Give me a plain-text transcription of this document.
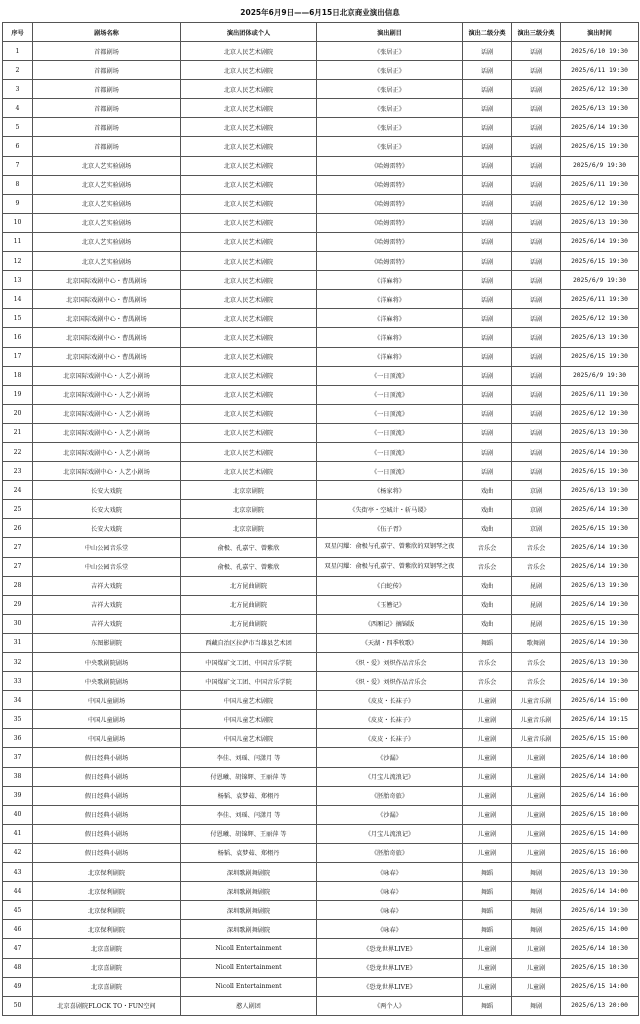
2025年6月9日——6月15日北京商业演出信息
序号	剧场名称	演出团体或个人	演出剧目	演出二级分类	演出三级分类	演出时间
1	首都剧场	北京人民艺术剧院	《张居正》	话剧	话剧	2025/6/10 19:30
2	首都剧场	北京人民艺术剧院	《张居正》	话剧	话剧	2025/6/11 19:30
3	首都剧场	北京人民艺术剧院	《张居正》	话剧	话剧	2025/6/12 19:30
4	首都剧场	北京人民艺术剧院	《张居正》	话剧	话剧	2025/6/13 19:30
5	首都剧场	北京人民艺术剧院	《张居正》	话剧	话剧	2025/6/14 19:30
6	首都剧场	北京人民艺术剧院	《张居正》	话剧	话剧	2025/6/15 19:30
7	北京人艺实验剧场	北京人民艺术剧院	《哈姆雷特》	话剧	话剧	2025/6/9 19:30
8	北京人艺实验剧场	北京人民艺术剧院	《哈姆雷特》	话剧	话剧	2025/6/11 19:30
9	北京人艺实验剧场	北京人民艺术剧院	《哈姆雷特》	话剧	话剧	2025/6/12 19:30
10	北京人艺实验剧场	北京人民艺术剧院	《哈姆雷特》	话剧	话剧	2025/6/13 19:30
11	北京人艺实验剧场	北京人民艺术剧院	《哈姆雷特》	话剧	话剧	2025/6/14 19:30
12	北京人艺实验剧场	北京人民艺术剧院	《哈姆雷特》	话剧	话剧	2025/6/15 19:30
13	北京国际戏剧中心・曹禺剧场	北京人民艺术剧院	《洋麻将》	话剧	话剧	2025/6/9 19:30
14	北京国际戏剧中心・曹禺剧场	北京人民艺术剧院	《洋麻将》	话剧	话剧	2025/6/11 19:30
15	北京国际戏剧中心・曹禺剧场	北京人民艺术剧院	《洋麻将》	话剧	话剧	2025/6/12 19:30
16	北京国际戏剧中心・曹禺剧场	北京人民艺术剧院	《洋麻将》	话剧	话剧	2025/6/13 19:30
17	北京国际戏剧中心・曹禺剧场	北京人民艺术剧院	《洋麻将》	话剧	话剧	2025/6/15 19:30
18	北京国际戏剧中心・人艺小剧场	北京人民艺术剧院	《一日顶流》	话剧	话剧	2025/6/9 19:30
19	北京国际戏剧中心・人艺小剧场	北京人民艺术剧院	《一日顶流》	话剧	话剧	2025/6/11 19:30
20	北京国际戏剧中心・人艺小剧场	北京人民艺术剧院	《一日顶流》	话剧	话剧	2025/6/12 19:30
21	北京国际戏剧中心・人艺小剧场	北京人民艺术剧院	《一日顶流》	话剧	话剧	2025/6/13 19:30
22	北京国际戏剧中心・人艺小剧场	北京人民艺术剧院	《一日顶流》	话剧	话剧	2025/6/14 19:30
23	北京国际戏剧中心・人艺小剧场	北京人民艺术剧院	《一日顶流》	话剧	话剧	2025/6/15 19:30
24	长安大戏院	北京京剧院	《杨家将》	戏曲	京剧	2025/6/13 19:30
25	长安大戏院	北京京剧院	《失街亭・空城计・斩马谡》	戏曲	京剧	2025/6/14 19:30
26	长安大戏院	北京京剧院	《伍子胥》	戏曲	京剧	2025/6/15 19:30
27	中山公园音乐堂	俞极、孔嘉宁、曾紫欣	双星闪耀：俞极与孔嘉宁、曾紫欣的双钢琴之夜	音乐会	音乐会	2025/6/14 19:30
27	中山公园音乐堂	俞极、孔嘉宁、曾紫欣	双星闪耀：俞极与孔嘉宁、曾紫欣的双钢琴之夜	音乐会	音乐会	2025/6/14 19:30
28	吉祥大戏院	北方昆曲剧院	《白蛇传》	戏曲	昆剧	2025/6/13 19:30
29	吉祥大戏院	北方昆曲剧院	《玉簪记》	戏曲	昆剧	2025/6/14 19:30
30	吉祥大戏院	北方昆曲剧院	《西厢记》摘锦版	戏曲	昆剧	2025/6/15 19:30
31	东图影剧院	西藏自治区拉萨市当雄县艺术团	《天湖・四季牧歌》	舞蹈	歌舞剧	2025/6/14 19:30
32	中央歌剧院剧场	中国煤矿文工团、中国音乐学院	《炽・爱》刘炽作品音乐会	音乐会	音乐会	2025/6/13 19:30
33	中央歌剧院剧场	中国煤矿文工团、中国音乐学院	《炽・爱》刘炽作品音乐会	音乐会	音乐会	2025/6/14 19:30
34	中国儿童剧场	中国儿童艺术剧院	《皮皮・长袜子》	儿童剧	儿童音乐剧	2025/6/14 15:00
35	中国儿童剧场	中国儿童艺术剧院	《皮皮・长袜子》	儿童剧	儿童音乐剧	2025/6/14 19:15
36	中国儿童剧场	中国儿童艺术剧院	《皮皮・长袜子》	儿童剧	儿童音乐剧	2025/6/15 15:00
37	假日经典小剧场	李佳、刘瑶、闫潇月 等	《沙漏》	儿童剧	儿童剧	2025/6/14 10:00
38	假日经典小剧场	付恩曦、胡锦辉、王丽萍 等	《月宝儿流浪记》	儿童剧	儿童剧	2025/6/14 14:00
39	假日经典小剧场	杨韬、袁梦茹、郑栩丹	《胚胎奇旅》	儿童剧	儿童剧	2025/6/14 16:00
40	假日经典小剧场	李佳、刘瑶、闫潇月 等	《沙漏》	儿童剧	儿童剧	2025/6/15 10:00
41	假日经典小剧场	付恩曦、胡锦辉、王丽萍 等	《月宝儿流浪记》	儿童剧	儿童剧	2025/6/15 14:00
42	假日经典小剧场	杨韬、袁梦茹、郑栩丹	《胚胎奇旅》	儿童剧	儿童剧	2025/6/15 16:00
43	北京保利剧院	深圳歌剧舞剧院	《咏春》	舞蹈	舞剧	2025/6/13 19:30
44	北京保利剧院	深圳歌剧舞剧院	《咏春》	舞蹈	舞剧	2025/6/14 14:00
45	北京保利剧院	深圳歌剧舞剧院	《咏春》	舞蹈	舞剧	2025/6/14 19:30
46	北京保利剧院	深圳歌剧舞剧院	《咏春》	舞蹈	舞剧	2025/6/15 14:00
47	北京喜剧院	Nicoll Entertainment	《恐龙世界LIVE》	儿童剧	儿童剧	2025/6/14 10:30
48	北京喜剧院	Nicoll Entertainment	《恐龙世界LIVE》	儿童剧	儿童剧	2025/6/15 10:30
49	北京喜剧院	Nicoll Entertainment	《恐龙世界LIVE》	儿童剧	儿童剧	2025/6/15 14:00
50	北京喜剧院FLOCK TO・FUN空间	憨人剧团	《两个人》	舞蹈	舞剧	2025/6/13 20:00
